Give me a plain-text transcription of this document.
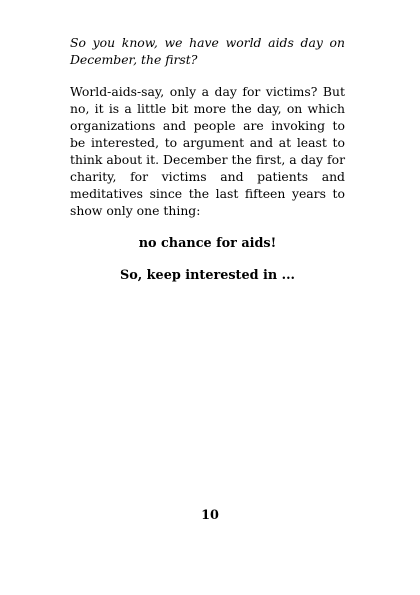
So you know, we have world aids day on December, the first?

World-aids-say, only a day for victims? But no, it is a little bit more the day, on which organizations and people are invoking to be interested, to argument and at least to think about it. December the first, a day for charity, for victims and patients and meditatives since the last fifteen years to show only one thing:

no chance for aids!

So, keep interested in ...

10
